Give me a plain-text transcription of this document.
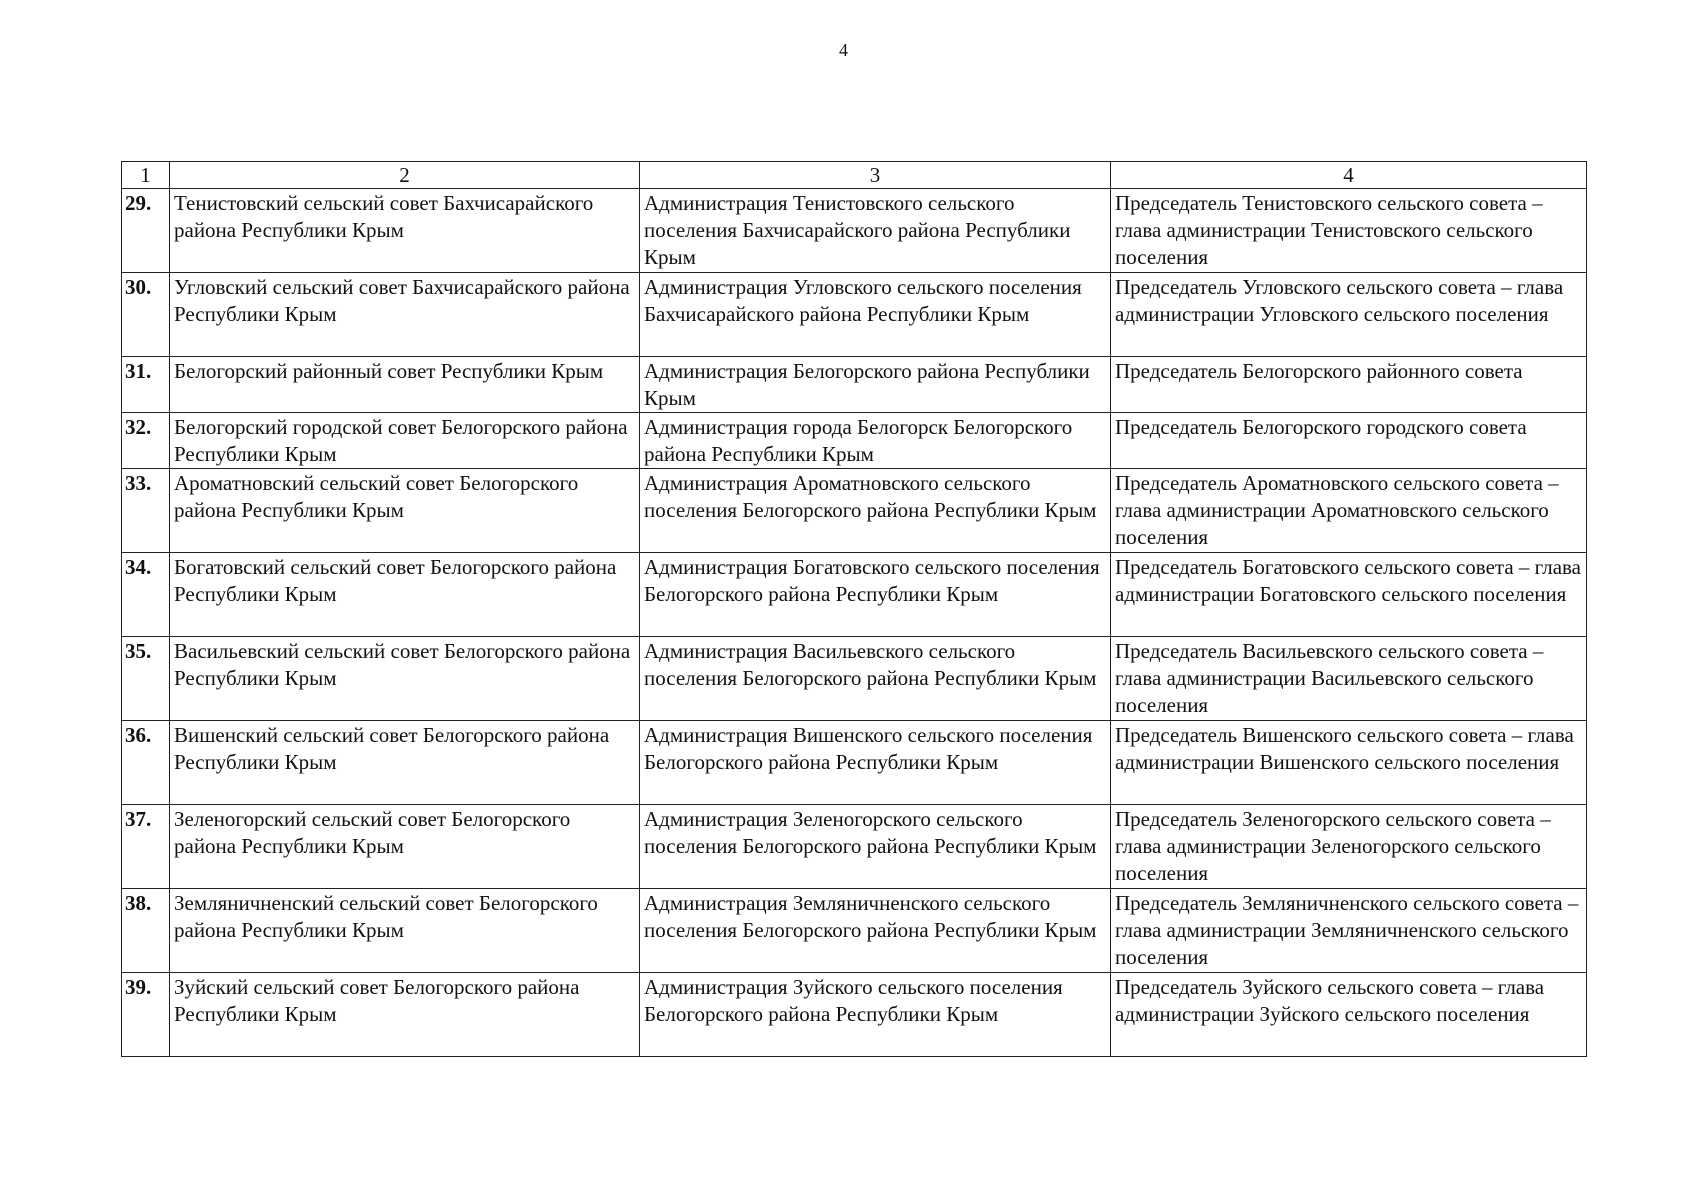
4
1	2	3	4
29.	Тенистовский сельский совет Бахчисарайского района Республики Крым	Администрация Тенистовского сельского поселения Бахчисарайского района Республики Крым	Председатель Тенистовского сельского совета – глава администрации Тенистовского сельского поселения
30.	Угловский сельский совет Бахчисарайского района Республики Крым	Администрация Угловского сельского поселения Бахчисарайского района Республики Крым	Председатель Угловского сельского совета – глава администрации Угловского сельского поселения
31.	Белогорский районный совет Республики Крым	Администрация Белогорского района Республики Крым	Председатель Белогорского районного совета
32.	Белогорский городской совет Белогорского района Республики Крым	Администрация города Белогорск Белогорского района Республики Крым	Председатель Белогорского городского совета
33.	Ароматновский сельский совет Белогорского района Республики Крым	Администрация Ароматновского сельского поселения Белогорского района Республики Крым	Председатель Ароматновского сельского совета – глава администрации Ароматновского сельского поселения
34.	Богатовский сельский совет Белогорского района Республики Крым	Администрация Богатовского сельского поселения Белогорского района Республики Крым	Председатель Богатовского сельского совета – глава администрации Богатовского сельского поселения
35.	Васильевский сельский совет Белогорского района Республики Крым	Администрация Васильевского сельского поселения Белогорского района Республики Крым	Председатель Васильевского сельского совета – глава администрации Васильевского сельского поселения
36.	Вишенский сельский совет Белогорского района Республики Крым	Администрация Вишенского сельского поселения Белогорского района Республики Крым	Председатель Вишенского сельского совета – глава администрации Вишенского сельского поселения
37.	Зеленогорский сельский совет Белогорского района Республики Крым	Администрация Зеленогорского сельского поселения Белогорского района Республики Крым	Председатель Зеленогорского сельского совета – глава администрации Зеленогорского сельского поселения
38.	Земляничненский сельский совет Белогорского района Республики Крым	Администрация Земляничненского сельского поселения Белогорского района Республики Крым	Председатель Земляничненского сельского совета – глава администрации Земляничненского сельского поселения
39.	Зуйский сельский совет Белогорского района Республики Крым	Администрация Зуйского сельского поселения Белогорского района Республики Крым	Председатель Зуйского сельского совета – глава администрации Зуйского сельского поселения
